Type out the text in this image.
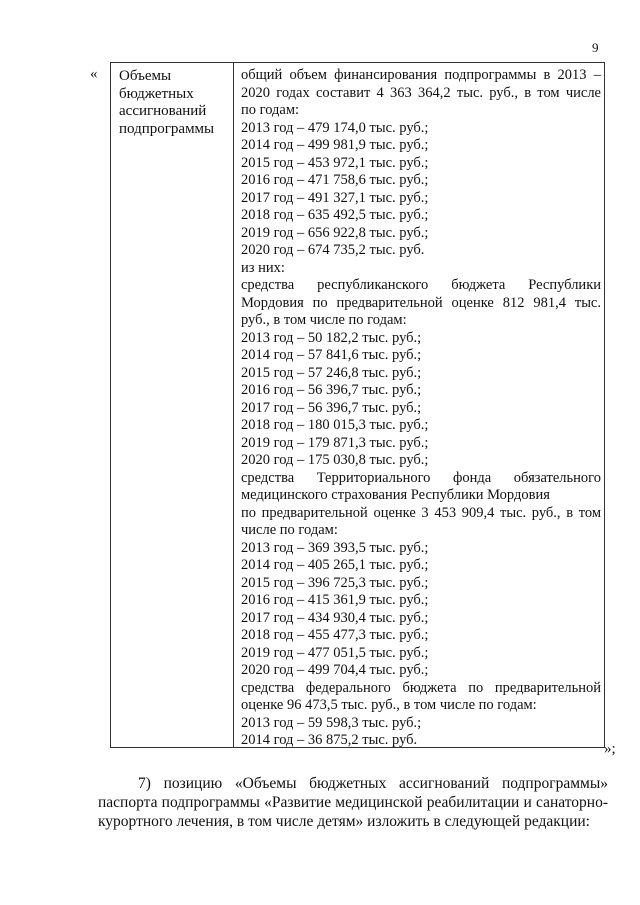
9
« Объемы
бюджетных
ассигнований
подпрограммы
общий объем финансирования подпрограммы в 2013 –
2020 годах составит 4 363 364,2 тыс. руб., в том числе
по годам:
2013 год – 479 174,0 тыс. руб.;
2014 год – 499 981,9 тыс. руб.;
2015 год – 453 972,1 тыс. руб.;
2016 год – 471 758,6 тыс. руб.;
2017 год – 491 327,1 тыс. руб.;
2018 год – 635 492,5 тыс. руб.;
2019 год – 656 922,8 тыс. руб.;
2020 год – 674 735,2 тыс. руб.
из них:
средства республиканского бюджета Республики
Мордовия по предварительной оценке 812 981,4 тыс.
руб., в том числе по годам:
2013 год – 50 182,2 тыс. руб.;
2014 год – 57 841,6 тыс. руб.;
2015 год – 57 246,8 тыс. руб.;
2016 год – 56 396,7 тыс. руб.;
2017 год – 56 396,7 тыс. руб.;
2018 год – 180 015,3 тыс. руб.;
2019 год – 179 871,3 тыс. руб.;
2020 год – 175 030,8 тыс. руб.;
средства Территориального фонда обязательного
медицинского страхования Республики Мордовия
по предварительной оценке 3 453 909,4 тыс. руб., в том
числе по годам:
2013 год – 369 393,5 тыс. руб.;
2014 год – 405 265,1 тыс. руб.;
2015 год – 396 725,3 тыс. руб.;
2016 год – 415 361,9 тыс. руб.;
2017 год – 434 930,4 тыс. руб.;
2018 год – 455 477,3 тыс. руб.;
2019 год – 477 051,5 тыс. руб.;
2020 год – 499 704,4 тыс. руб.;
средства федерального бюджета по предварительной
оценке 96 473,5 тыс. руб., в том числе по годам:
2013 год – 59 598,3 тыс. руб.;
2014 год – 36 875,2 тыс. руб.
»;
7) позицию «Объемы бюджетных ассигнований подпрограммы»
паспорта подпрограммы «Развитие медицинской реабилитации и санаторно-
курортного лечения, в том числе детям» изложить в следующей редакции:
